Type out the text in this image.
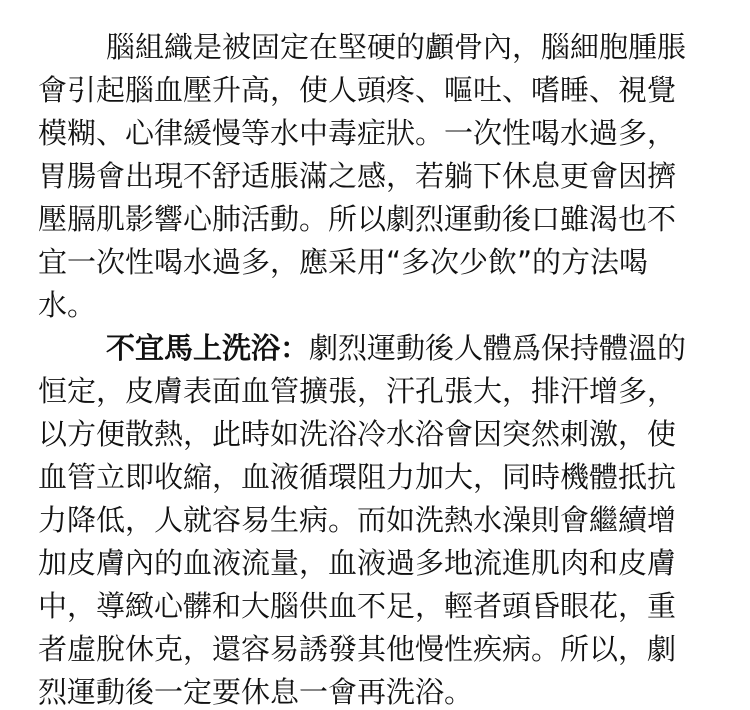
腦組織是被固定在堅硬的顱骨內，腦細胞腫脹
會引起腦血壓升高，使人頭疼、嘔吐、嗜睡、視覺
模糊、心律緩慢等水中毒症狀。一次性喝水過多，
胃腸會出現不舒适脹滿之感，若躺下休息更會因擠
壓膈肌影響心肺活動。所以劇烈運動後口雖渴也不
宜一次性喝水過多，應采用“多次少飲”的方法喝
水。
不宜馬上洗浴：劇烈運動後人體爲保持體溫的
恒定，皮膚表面血管擴張，汗孔張大，排汗增多，
以方便散熱，此時如洗浴冷水浴會因突然刺激，使
血管立即收縮，血液循環阻力加大，同時機體抵抗
力降低，人就容易生病。而如洗熱水澡則會繼續增
加皮膚內的血液流量，血液過多地流進肌肉和皮膚
中，導緻心髒和大腦供血不足，輕者頭昏眼花，重
者虛脫休克，還容易誘發其他慢性疾病。所以，劇
烈運動後一定要休息一會再洗浴。
